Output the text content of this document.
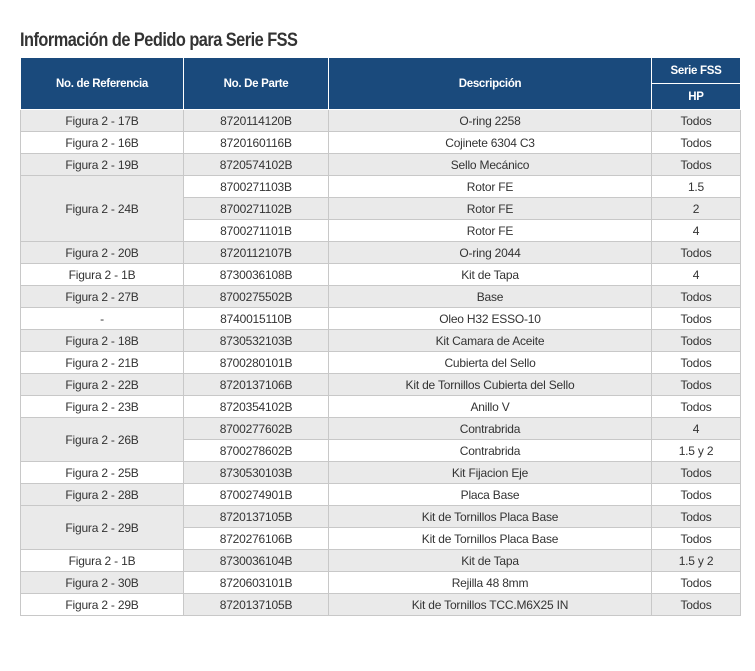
Información de Pedido para Serie FSS
No. de Referencia	No. De Parte	Descripción	Serie FSS
			HP
Figura 2 - 17B	8720114120B	O-ring 2258	Todos
Figura 2 - 16B	8720160116B	Cojinete 6304 C3	Todos
Figura 2 - 19B	8720574102B	Sello Mecánico	Todos
Figura 2 - 24B	8700271103B	Rotor FE	1.5
	8700271102B	Rotor FE	2
	8700271101B	Rotor FE	4
Figura 2 - 20B	8720112107B	O-ring 2044	Todos
Figura 2 - 1B	8730036108B	Kit de Tapa	4
Figura 2 - 27B	8700275502B	Base	Todos
-	8740015110B	Oleo H32 ESSO-10	Todos
Figura 2 - 18B	8730532103B	Kit Camara de Aceite	Todos
Figura 2 - 21B	8700280101B	Cubierta del Sello	Todos
Figura 2 - 22B	8720137106B	Kit de Tornillos Cubierta del Sello	Todos
Figura 2 - 23B	8720354102B	Anillo V	Todos
Figura 2 - 26B	8700277602B	Contrabrida	4
	8700278602B	Contrabrida	1.5 y 2
Figura 2 - 25B	8730530103B	Kit Fijacion Eje	Todos
Figura 2 - 28B	8700274901B	Placa Base	Todos
Figura 2 - 29B	8720137105B	Kit de Tornillos Placa Base	Todos
	8720276106B	Kit de Tornillos Placa Base	Todos
Figura 2 - 1B	8730036104B	Kit de Tapa	1.5 y 2
Figura 2 - 30B	8720603101B	Rejilla 48 8mm	Todos
Figura 2 - 29B	8720137105B	Kit de Tornillos TCC.M6X25 IN	Todos
